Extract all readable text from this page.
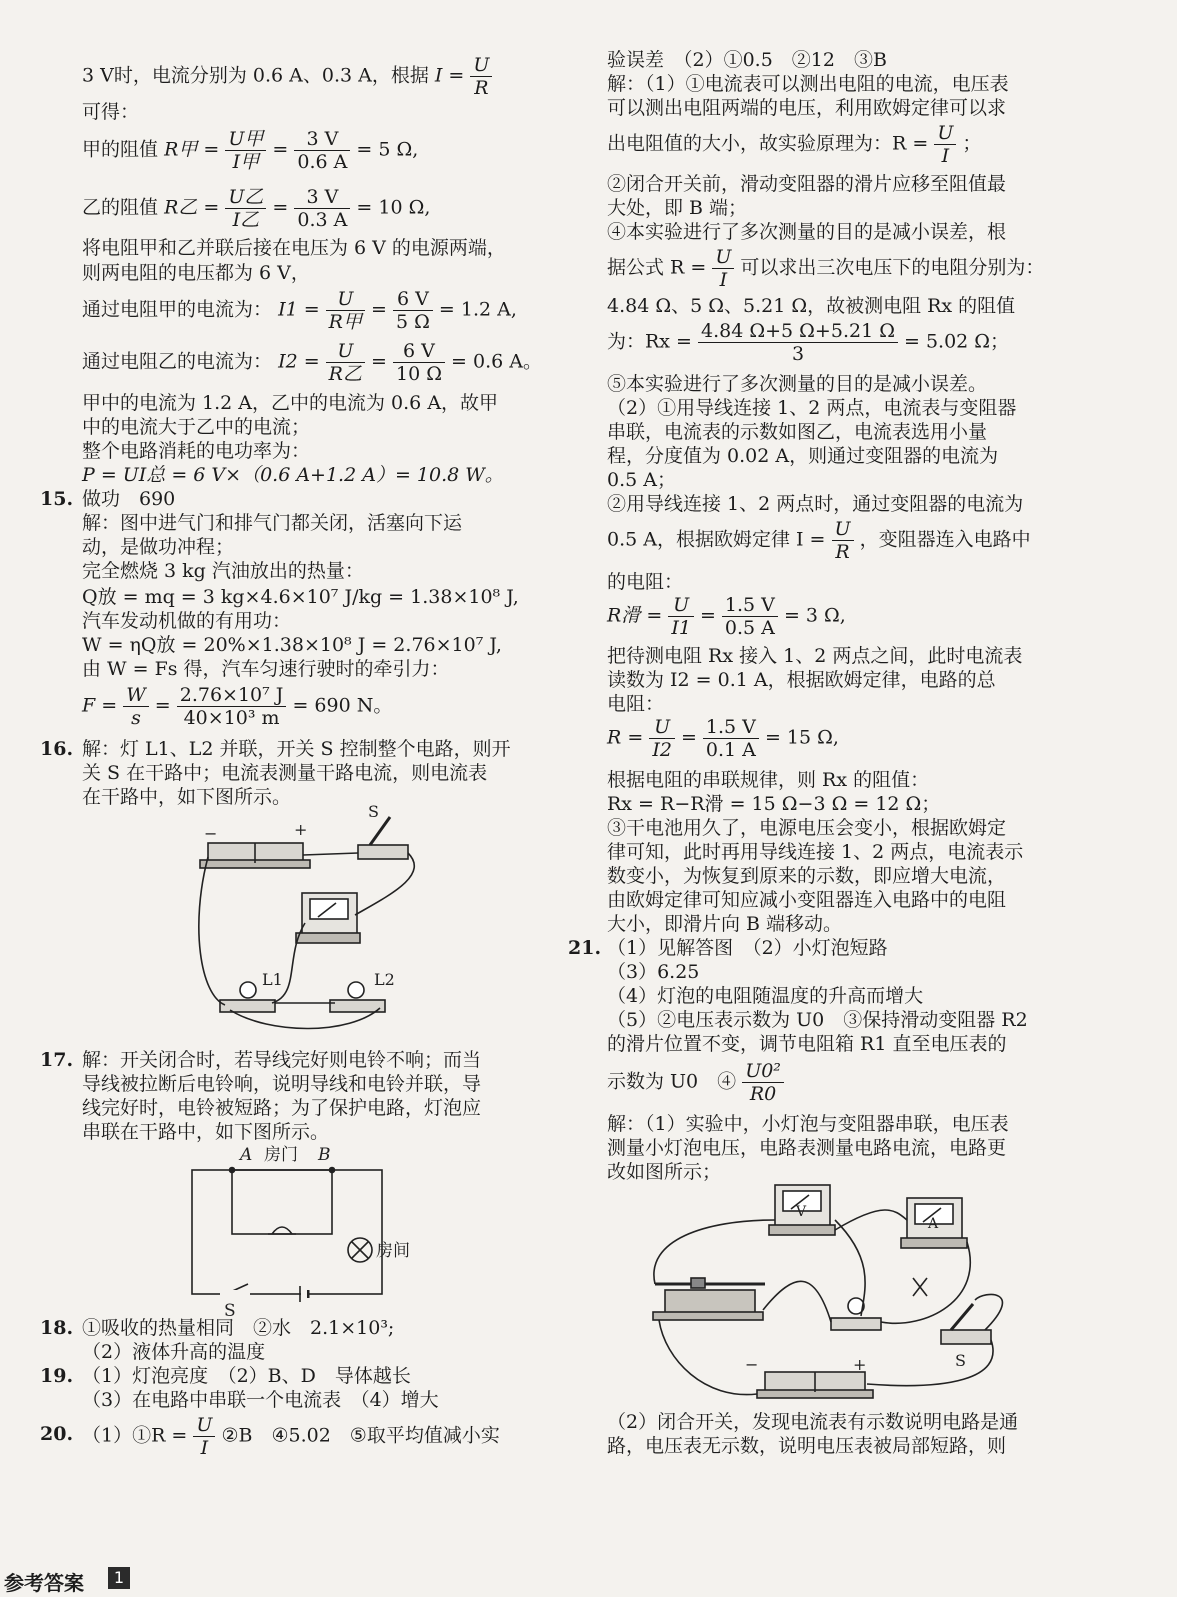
3 V时，电流分别为 0.6 A、0.3 A，根据 $I = \frac{U}{R}$
可得：
甲的阻值 R甲 = $\frac{\text{U甲}}{\text{I甲}} = \frac{3 V}{0.6 A} = 5$ Ω,
乙的阻值 R乙 = $\frac{\text{U乙}}{\text{I乙}} = \frac{3 V}{0.3 A} = 10$ Ω,
将电阻甲和乙并联后接在电压为 6 V 的电源两端，
则两电阻的电压都为 6 V，
通过电阻甲的电流为： $I1 = \frac{U}{\text{R甲}} = \frac{6 V}{5 \Omega} = 1.2$ A,
通过电阻乙的电流为： $I2 = \frac{U}{\text{R乙}} = \frac{6 V}{10 \Omega} = 0.6$ A。
甲中的电流为 1.2 A，乙中的电流为 0.6 A，故甲
中的电流大于乙中的电流；
整个电路消耗的电功率为：
P = UI总 = 6 V×（0.6 A+1.2 A）= 10.8 W。
15. 做功　690
解：图中进气门和排气门都关闭，活塞向下运
动，是做功冲程；
完全燃烧 3 kg 汽油放出的热量：
Q放 = mq = 3 kg×4.6×10⁷ J/kg = 1.38×10⁸ J,
汽车发动机做的有用功：
W = ηQ放 = 20%×1.38×10⁸ J = 2.76×10⁷ J,
由 W = Fs 得，汽车匀速行驶时的牵引力：
$F = \frac{W}{s} = \frac{\text{2.76×10⁷ J}}{\text{40×10³ m}} = 690$ N。
16. 解：灯 L1、L2 并联，开关 S 控制整个电路，则开
关 S 在干路中；电流表测量干路电流，则电流表
在干路中，如下图所示。
−	+
S
L1	L2
17. 解：开关闭合时，若导线完好则电铃不响；而当
导线被拉断后电铃响，说明导线和电铃并联，导
线完好时，电铃被短路；为了保护电路，灯泡应
串联在干路中，如下图所示。
A 房门 B
房间
S
18. ①吸收的热量相同　②水　2.1×10³;
（2）液体升高的温度
19. （1）灯泡亮度　（2）B、D　导体越长
（3）在电路中串联一个电流表　（4）增大
20. （1）①R = $\frac{U}{I}$ ②B　④5.02　⑤取平均值减小实
验误差　（2）①0.5　②12　③B
解：（1）①电流表可以测出电阻的电流，电压表
可以测出电阻两端的电压，利用欧姆定律可以求
出电阻值的大小，故实验原理为：$R = \frac{U}{I}$ ；
②闭合开关前，滑动变阻器的滑片应移至阻值最
大处，即 B 端；
④本实验进行了多次测量的目的是减小误差，根
据公式 $R = \frac{U}{I}$ 可以求出三次电压下的电阻分别为：
4.84 Ω、5 Ω、5.21 Ω，故被测电阻 Rx 的阻值
为：$Rx = \frac{4.84 \Omega+5 \Omega+5.21 \Omega}{3} = 5.02$ Ω；
⑤本实验进行了多次测量的目的是减小误差。
（2）①用导线连接 1、2 两点，电流表与变阻器
串联，电流表的示数如图乙，电流表选用小量
程，分度值为 0.02 A，则通过变阻器的电流为
0.5 A；
②用导线连接 1、2 两点时，通过变阻器的电流为
0.5 A，根据欧姆定律 $I = \frac{U}{R}$ ，变阻器连入电路中
的电阻：
R滑 = $\frac{U}{I1} = \frac{1.5 V}{0.5 A} = 3$ Ω,
把待测电阻 Rx 接入 1、2 两点之间，此时电流表
读数为 I2 = 0.1 A，根据欧姆定律，电路的总
电阻：
$R = \frac{U}{I2} = \frac{1.5 V}{0.1 A} = 15$ Ω,
根据电阻的串联规律，则 Rx 的阻值：
Rx = R−R滑 = 15 Ω−3 Ω = 12 Ω；
③干电池用久了，电源电压会变小，根据欧姆定
律可知，此时再用导线连接 1、2 两点，电流表示
数变小，为恢复到原来的示数，即应增大电流，
由欧姆定律可知应减小变阻器连入电路中的电阻
大小，即滑片向 B 端移动。
21. （1）见解答图　（2）小灯泡短路
（3）6.25
（4）灯泡的电阻随温度的升高而增大
（5）②电压表示数为 U0　③保持滑动变阻器 R2
的滑片位置不变，调节电阻箱 R1 直至电压表的
示数为 U0　④ $\frac{\text{U0²}}{R0}$
解：（1）实验中，小灯泡与变阻器串联，电压表
测量小灯泡电压，电路表测量电路电流，电路更
改如图所示；
V
A
−	+	S
（2）闭合开关，发现电流表有示数说明电路是通
路，电压表无示数，说明电压表被局部短路，则
参考答案	1
